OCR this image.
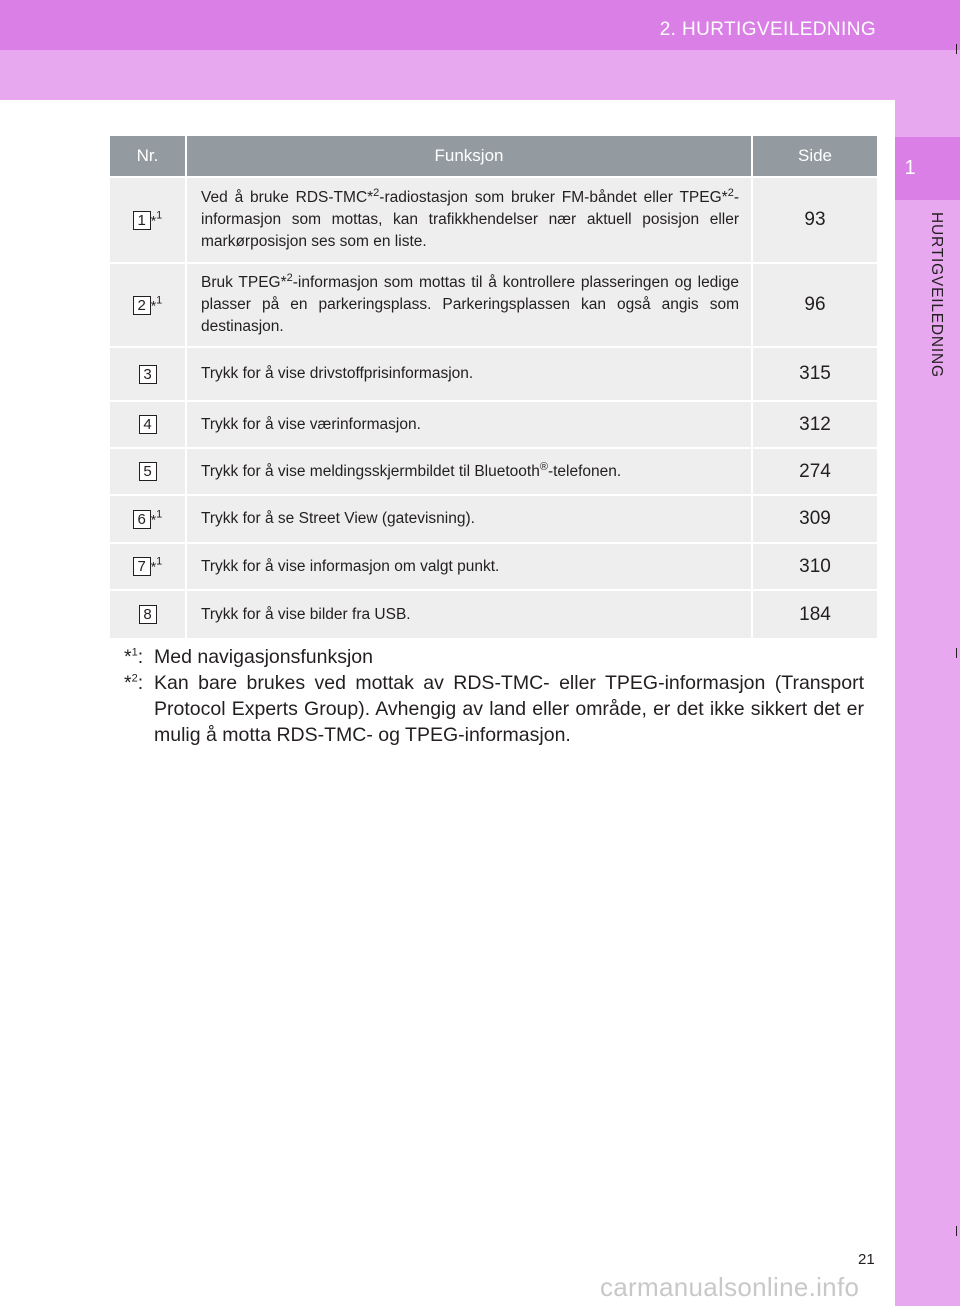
2. HURTIGVEILEDNING
1
HURTIGVEILEDNING
Nr.	Funksjon	Side
1 *$^1$	Ved å bruke RDS-TMC*$^2$-radiostasjon som bruker FM-båndet eller TPEG*$^2$-informasjon som mottas, kan trafikkhendelser nær aktuell posisjon eller markørposisjon ses som en liste.	93
2 *$^1$	Bruk TPEG*$^2$-informasjon som mottas til å kontrollere plasseringen og ledige plasser på en parkeringsplass. Parkeringsplassen kan også angis som destinasjon.	96
3	Trykk for å vise drivstoffprisinformasjon.	315
4	Trykk for å vise værinformasjon.	312
5	Trykk for å vise meldingsskjermbildet til Bluetooth®-telefonen.	274
6 *$^1$	Trykk for å se Street View (gatevisning).	309
7 *$^1$	Trykk for å vise informasjon om valgt punkt.	310
8	Trykk for å vise bilder fra USB.	184
*$^1$: Med navigasjonsfunksjon
*$^2$: Kan bare brukes ved mottak av RDS-TMC- eller TPEG-informasjon (Transport Protocol Experts Group). Avhengig av land eller område, er det ikke sikkert det er mulig å motta RDS-TMC- og TPEG-informasjon.
21
carmanualsonline.info
